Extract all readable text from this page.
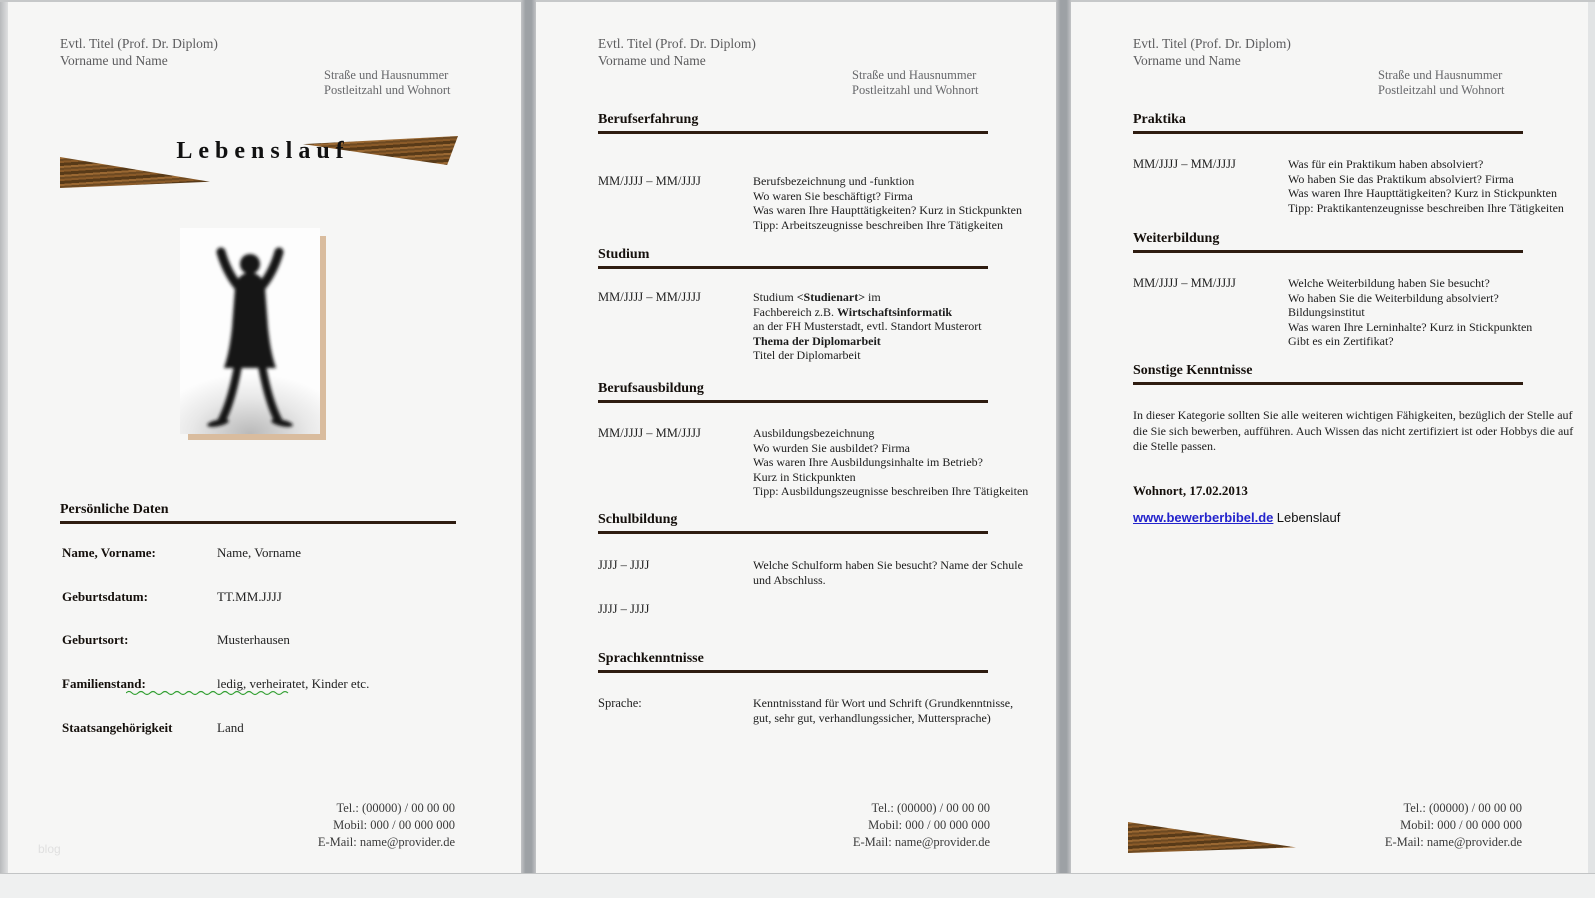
Evtl. Titel (Prof. Dr. Diplom)
Vorname und Name
Straße und Hausnummer
Postleitzahl und Wohnort
Lebenslauf
Persönliche Daten
Name, Vorname:	Name, Vorname
Geburtsdatum:	TT.MM.JJJJ
Geburtsort:	Musterhausen
Familienstand:	ledig, verheiratet, Kinder etc.
Staatsangehörigkeit	Land
Tel.: (00000) / 00 00 00
Mobil: 000 / 00 000 000
E-Mail: name@provider.de
blog
Evtl. Titel (Prof. Dr. Diplom)
Vorname und Name
Straße und Hausnummer
Postleitzahl und Wohnort
Berufserfahrung
MM/JJJJ – MM/JJJJ	Berufsbezeichnung und -funktion
Wo waren Sie beschäftigt? Firma
Was waren Ihre Haupttätigkeiten? Kurz in Stickpunkten
Tipp: Arbeitszeugnisse beschreiben Ihre Tätigkeiten
Studium
MM/JJJJ – MM/JJJJ	Studium <Studienart> im
Fachbereich z.B. Wirtschaftsinformatik
an der FH Musterstadt, evtl. Standort Musterort
Thema der Diplomarbeit
Titel der Diplomarbeit
Berufsausbildung
MM/JJJJ – MM/JJJJ	Ausbildungsbezeichnung
Wo wurden Sie ausbildet? Firma
Was waren Ihre Ausbildungsinhalte im Betrieb?
Kurz in Stickpunkten
Tipp: Ausbildungszeugnisse beschreiben Ihre Tätigkeiten
Schulbildung
JJJJ – JJJJ	Welche Schulform haben Sie besucht? Name der Schule
und Abschluss.
JJJJ – JJJJ
Sprachkenntnisse
Sprache:	Kenntnisstand für Wort und Schrift (Grundkenntnisse,
gut, sehr gut, verhandlungssicher, Muttersprache)
Tel.: (00000) / 00 00 00
Mobil: 000 / 00 000 000
E-Mail: name@provider.de
Evtl. Titel (Prof. Dr. Diplom)
Vorname und Name
Straße und Hausnummer
Postleitzahl und Wohnort
Praktika
MM/JJJJ – MM/JJJJ	Was für ein Praktikum haben absolviert?
Wo haben Sie das Praktikum absolviert? Firma
Was waren Ihre Haupttätigkeiten? Kurz in Stickpunkten
Tipp: Praktikantenzeugnisse beschreiben Ihre Tätigkeiten
Weiterbildung
MM/JJJJ – MM/JJJJ	Welche Weiterbildung haben Sie besucht?
Wo haben Sie die Weiterbildung absolviert?
Bildungsinstitut
Was waren Ihre Lerninhalte? Kurz in Stickpunkten
Gibt es ein Zertifikat?
Sonstige Kenntnisse
In dieser Kategorie sollten Sie alle weiteren wichtigen Fähigkeiten, bezüglich der Stelle auf
die Sie sich bewerben, aufführen. Auch Wissen das nicht zertifiziert ist oder Hobbys die auf
die Stelle passen.
Wohnort, 17.02.2013
www.bewerberbibel.de Lebenslauf
Tel.: (00000) / 00 00 00
Mobil: 000 / 00 000 000
E-Mail: name@provider.de
